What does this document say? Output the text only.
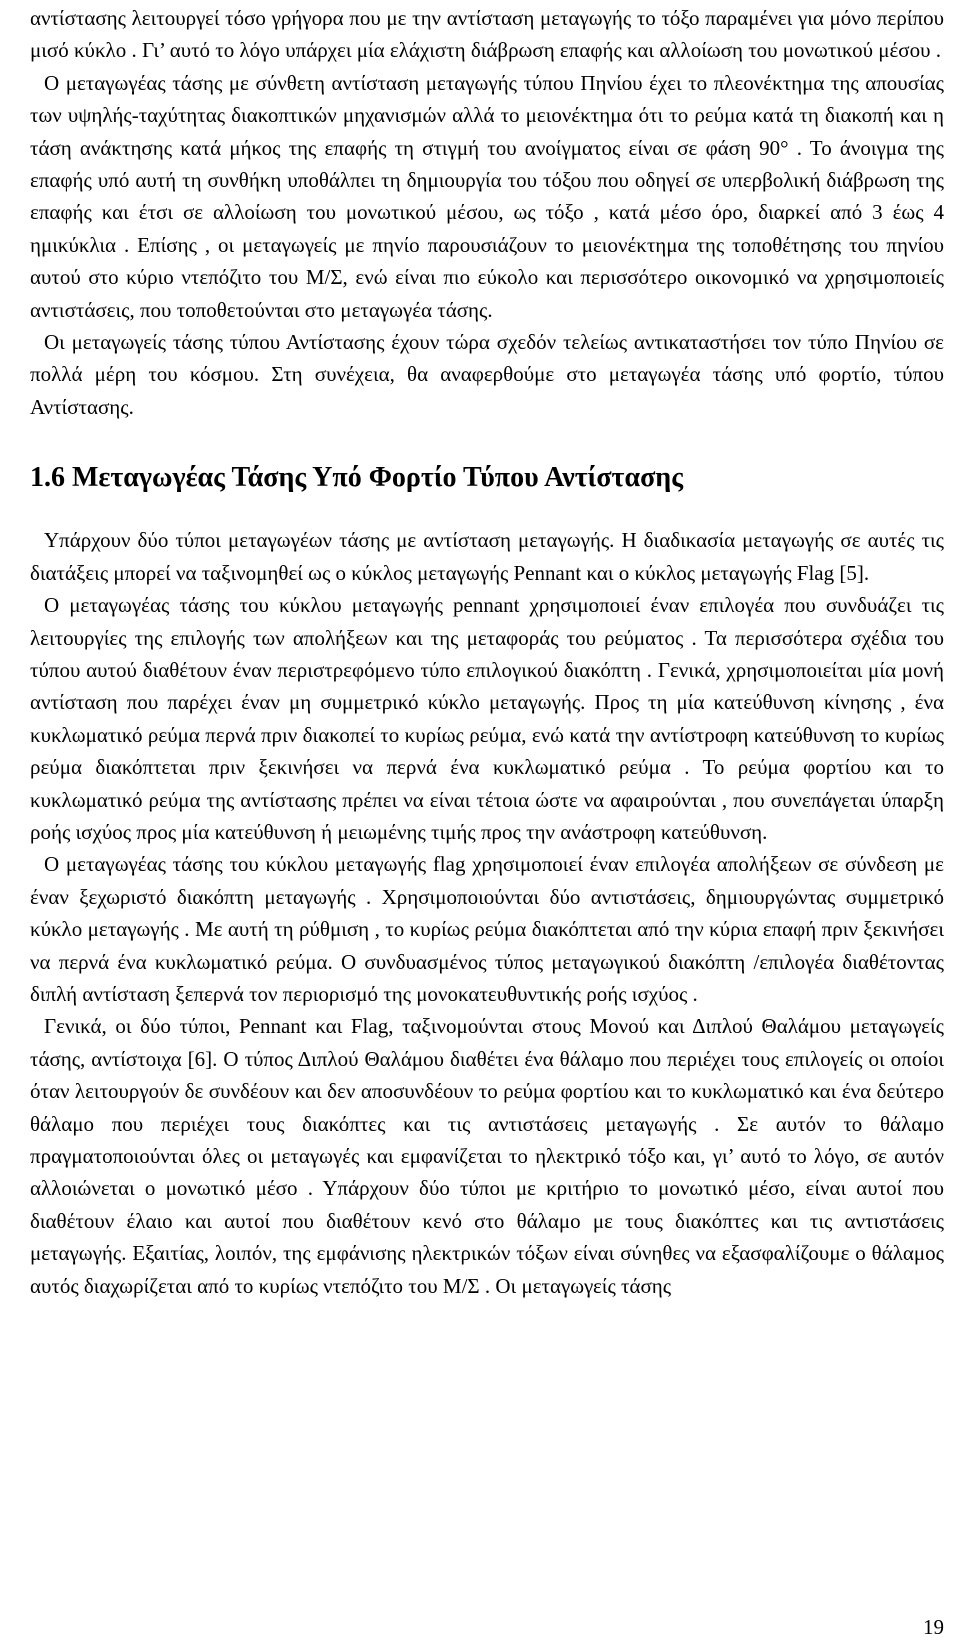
αντίστασης λειτουργεί τόσο γρήγορα που με την αντίσταση μεταγωγής το τόξο παραμένει για μόνο περίπου μισό κύκλο . Γι’ αυτό το λόγο υπάρχει μία ελάχιστη διάβρωση επαφής και αλλοίωση του μονωτικού μέσου .

Ο μεταγωγέας τάσης με σύνθετη αντίσταση μεταγωγής τύπου Πηνίου έχει το πλεονέκτημα της απουσίας των υψηλής-ταχύτητας διακοπτικών μηχανισμών αλλά το μειονέκτημα ότι το ρεύμα κατά τη διακοπή και η τάση ανάκτησης κατά μήκος της επαφής τη στιγμή του ανοίγματος είναι σε φάση 90° . Το άνοιγμα της επαφής υπό αυτή τη συνθήκη υποθάλπει τη δημιουργία του τόξου που οδηγεί σε υπερβολική διάβρωση της επαφής και έτσι σε αλλοίωση του μονωτικού μέσου, ως τόξο , κατά μέσο όρο, διαρκεί από 3 έως 4 ημικύκλια . Επίσης , οι μεταγωγείς με πηνίο παρουσιάζουν το μειονέκτημα της τοποθέτησης του πηνίου αυτού στο κύριο ντεπόζιτο του Μ/Σ, ενώ είναι πιο εύκολο και περισσότερο οικονομικό να χρησιμοποιείς αντιστάσεις, που τοποθετούνται στο μεταγωγέα τάσης.

Οι μεταγωγείς τάσης τύπου Αντίστασης έχουν τώρα σχεδόν τελείως αντικαταστήσει τον τύπο Πηνίου σε πολλά μέρη του κόσμου. Στη συνέχεια, θα αναφερθούμε στο μεταγωγέα τάσης υπό φορτίο, τύπου Αντίστασης.

1.6 Μεταγωγέας Τάσης Υπό Φορτίο Τύπου Αντίστασης

Υπάρχουν δύο τύποι μεταγωγέων τάσης με αντίσταση μεταγωγής. Η διαδικασία μεταγωγής σε αυτές τις διατάξεις μπορεί να ταξινομηθεί ως ο κύκλος μεταγωγής Pennant και ο κύκλος μεταγωγής Flag [5].

Ο μεταγωγέας τάσης του κύκλου μεταγωγής pennant χρησιμοποιεί έναν επιλογέα που συνδυάζει τις λειτουργίες της επιλογής των απολήξεων και της μεταφοράς του ρεύματος . Τα περισσότερα σχέδια του τύπου αυτού διαθέτουν έναν περιστρεφόμενο τύπο επιλογικού διακόπτη . Γενικά, χρησιμοποιείται μία μονή αντίσταση που παρέχει έναν μη συμμετρικό κύκλο μεταγωγής. Προς τη μία κατεύθυνση κίνησης , ένα κυκλωματικό ρεύμα περνά πριν διακοπεί το κυρίως ρεύμα, ενώ κατά την αντίστροφη κατεύθυνση το κυρίως ρεύμα διακόπτεται πριν ξεκινήσει να περνά ένα κυκλωματικό ρεύμα . Το ρεύμα φορτίου και το κυκλωματικό ρεύμα της αντίστασης πρέπει να είναι τέτοια ώστε να αφαιρούνται , που συνεπάγεται ύπαρξη ροής ισχύος προς μία κατεύθυνση ή μειωμένης τιμής προς την ανάστροφη κατεύθυνση.

Ο μεταγωγέας τάσης του κύκλου μεταγωγής flag χρησιμοποιεί έναν επιλογέα απολήξεων σε σύνδεση με έναν ξεχωριστό διακόπτη μεταγωγής . Χρησιμοποιούνται δύο αντιστάσεις, δημιουργώντας συμμετρικό κύκλο μεταγωγής . Με αυτή τη ρύθμιση , το κυρίως ρεύμα διακόπτεται από την κύρια επαφή πριν ξεκινήσει να περνά ένα κυκλωματικό ρεύμα. Ο συνδυασμένος τύπος μεταγωγικού διακόπτη /επιλογέα διαθέτοντας διπλή αντίσταση ξεπερνά τον περιορισμό της μονοκατευθυντικής ροής ισχύος .

Γενικά, οι δύο τύποι, Pennant και Flag, ταξινομούνται στους Μονού και Διπλού Θαλάμου μεταγωγείς τάσης, αντίστοιχα [6]. Ο τύπος Διπλού Θαλάμου διαθέτει ένα θάλαμο που περιέχει τους επιλογείς οι οποίοι όταν λειτουργούν δε συνδέουν και δεν αποσυνδέουν το ρεύμα φορτίου και το κυκλωματικό και ένα δεύτερο θάλαμο που περιέχει τους διακόπτες και τις αντιστάσεις μεταγωγής . Σε αυτόν το θάλαμο πραγματοποιούνται όλες οι μεταγωγές και εμφανίζεται το ηλεκτρικό τόξο και, γι’ αυτό το λόγο, σε αυτόν αλλοιώνεται ο μονωτικό μέσο . Υπάρχουν δύο τύποι με κριτήριο το μονωτικό μέσο, είναι αυτοί που διαθέτουν έλαιο και αυτοί που διαθέτουν κενό στο θάλαμο με τους διακόπτες και τις αντιστάσεις μεταγωγής. Εξαιτίας, λοιπόν, της εμφάνισης ηλεκτρικών τόξων είναι σύνηθες να εξασφαλίζουμε ο θάλαμος αυτός διαχωρίζεται από το κυρίως ντεπόζιτο του Μ/Σ . Οι μεταγωγείς τάσης

19
